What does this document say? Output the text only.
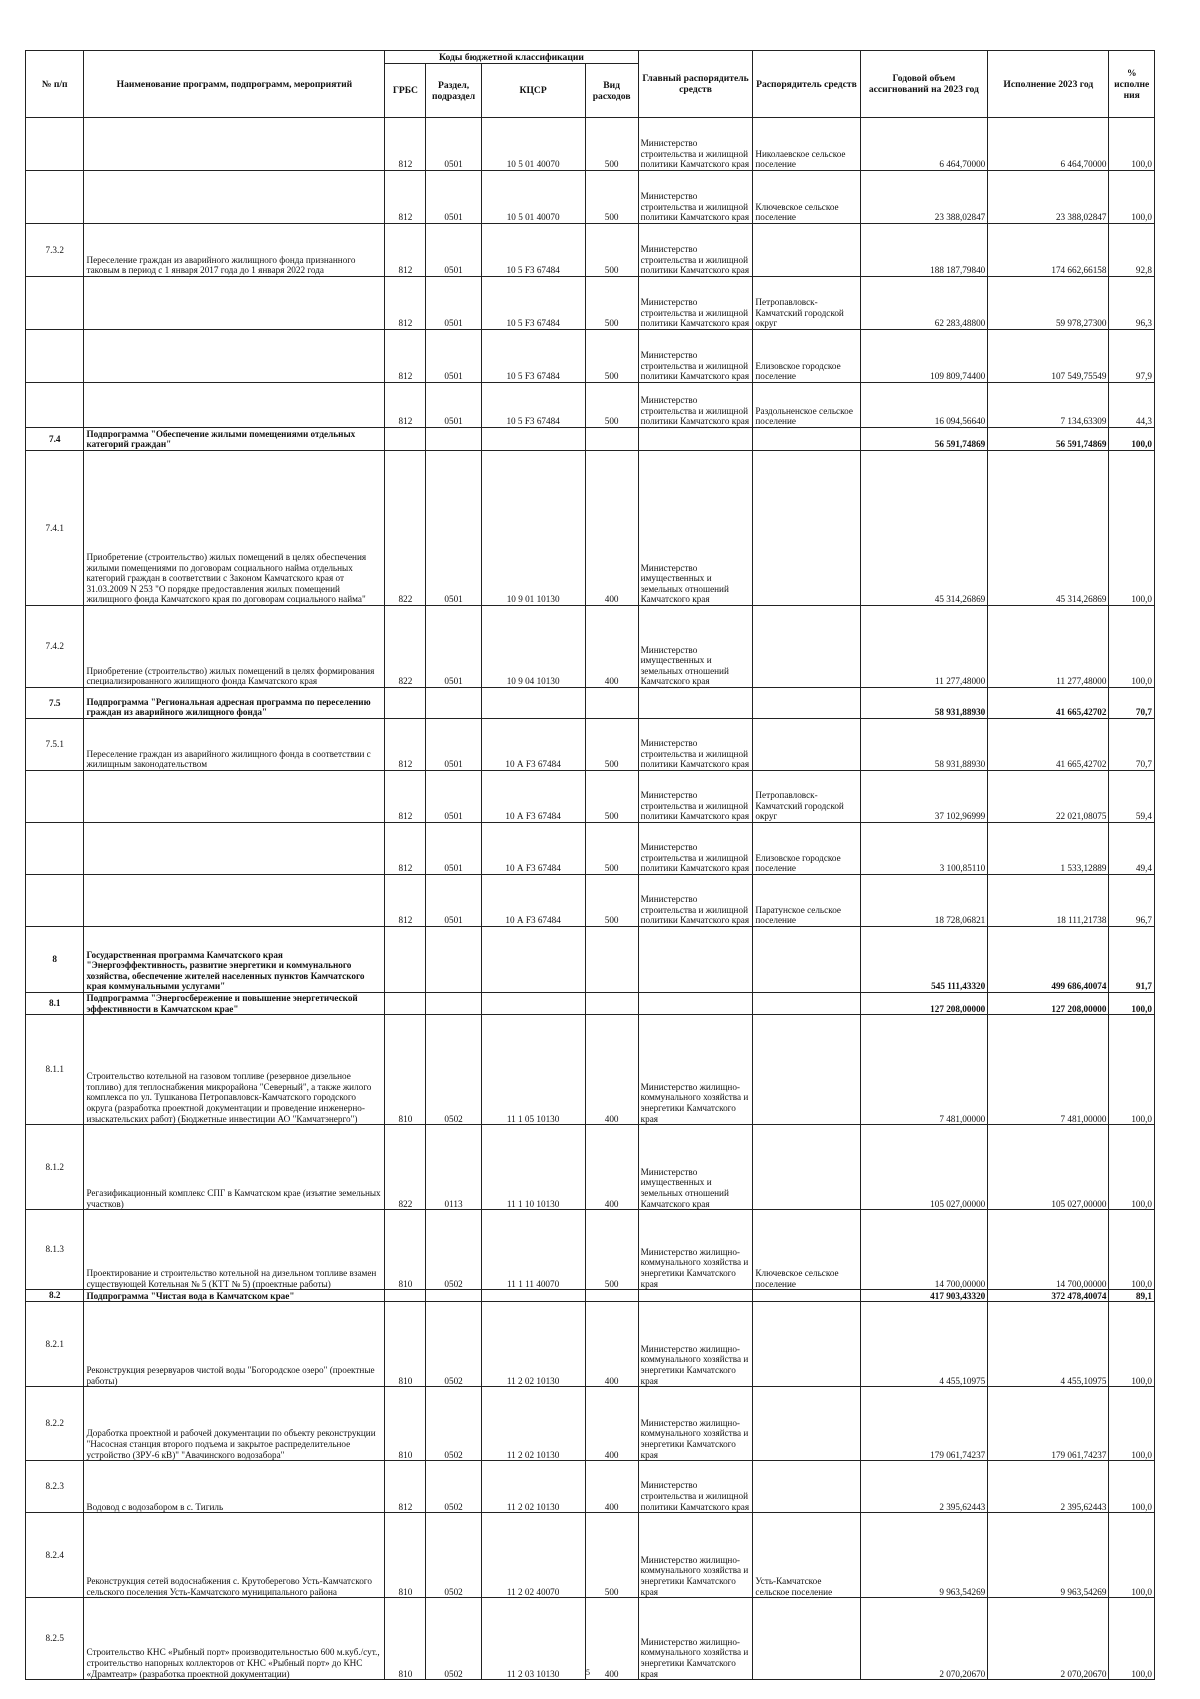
№ п/п	Наименование программ, подпрограмм, мероприятий	Коды бюджетной классификации				Главный распорядитель средств	Распорядитель средств	Годовой объем ассигнований на 2023 год	Исполнение 2023 год	% исполне ния
		ГРБС	Раздел, подраздел	КЦСР	Вид расходов					
		812	0501	10 5 01 40070	500	Министерство строительства и жилищной политики Камчатского края	Николаевское сельское поселение	6 464,70000	6 464,70000	100,0
		812	0501	10 5 01 40070	500	Министерство строительства и жилищной политики Камчатского края	Ключевское сельское поселение	23 388,02847	23 388,02847	100,0
7.3.2	Переселение граждан из аварийного жилищного фонда признанного таковым в период с 1 января 2017 года до 1 января 2022 года	812	0501	10 5 F3 67484	500	Министерство строительства и жилищной политики Камчатского края		188 187,79840	174 662,66158	92,8
		812	0501	10 5 F3 67484	500	Министерство строительства и жилищной политики Камчатского края	Петропавловск-Камчатский городской округ	62 283,48800	59 978,27300	96,3
		812	0501	10 5 F3 67484	500	Министерство строительства и жилищной политики Камчатского края	Елизовское городское поселение	109 809,74400	107 549,75549	97,9
		812	0501	10 5 F3 67484	500	Министерство строительства и жилищной политики Камчатского края	Раздольненское сельское поселение	16 094,56640	7 134,63309	44,3
7.4	Подпрограмма "Обеспечение жилыми помещениями отдельных категорий граждан"							56 591,74869	56 591,74869	100,0
7.4.1	Приобретение (строительство) жилых помещений в целях обеспечения жилыми помещениями по договорам социального найма отдельных категорий граждан в соответствии с Законом Камчатского края от 31.03.2009 N 253 "О порядке предоставления жилых помещений жилищного фонда Камчатского края по договорам социального найма"	822	0501	10 9 01 10130	400	Министерство имущественных и земельных отношений Камчатского края		45 314,26869	45 314,26869	100,0
7.4.2	Приобретение (строительство) жилых помещений в целях формирования специализированного жилищного фонда Камчатского края	822	0501	10 9 04 10130	400	Министерство имущественных и земельных отношений Камчатского края		11 277,48000	11 277,48000	100,0
7.5	Подпрограмма "Региональная адресная программа по переселению граждан из аварийного жилищного фонда"							58 931,88930	41 665,42702	70,7
7.5.1	Переселение граждан из аварийного жилищного фонда в соответствии с жилищным законодательством	812	0501	10 А F3 67484	500	Министерство строительства и жилищной политики Камчатского края		58 931,88930	41 665,42702	70,7
		812	0501	10 А F3 67484	500	Министерство строительства и жилищной политики Камчатского края	Петропавловск-Камчатский городской округ	37 102,96999	22 021,08075	59,4
		812	0501	10 А F3 67484	500	Министерство строительства и жилищной политики Камчатского края	Елизовское городское поселение	3 100,85110	1 533,12889	49,4
		812	0501	10 А F3 67484	500	Министерство строительства и жилищной политики Камчатского края	Паратунское сельское поселение	18 728,06821	18 111,21738	96,7
8	Государственная программа Камчатского края "Энергоэффективность, развитие энергетики и коммунального хозяйства, обеспечение жителей населенных пунктов Камчатского края коммунальными услугами"							545 111,43320	499 686,40074	91,7
8.1	Подпрограмма "Энергосбережение и повышение энергетической эффективности в Камчатском крае"							127 208,00000	127 208,00000	100,0
8.1.1	Строительство котельной на газовом топливе (резервное дизельное топливо) для теплоснабжения микрорайона "Северный", а также жилого комплекса по ул. Тушканова Петропавловск-Камчатского городского округа (разработка проектной документации и проведение инженерно-изыскательских работ) (Бюджетные инвестиции АО "Камчатэнерго")	810	0502	11 1 05 10130	400	Министерство жилищно-коммунального хозяйства и энергетики Камчатского края		7 481,00000	7 481,00000	100,0
8.1.2	Регазификационный комплекс СПГ в Камчатском крае (изъятие земельных участков)	822	0113	11 1 10 10130	400	Министерство имущественных и земельных отношений Камчатского края		105 027,00000	105 027,00000	100,0
8.1.3	Проектирование и строительство котельной на дизельном топливе взамен существующей Котельная № 5 (КТТ № 5) (проектные работы)	810	0502	11 1 11 40070	500	Министерство жилищно-коммунального хозяйства и энергетики Камчатского края	Ключевское сельское поселение	14 700,00000	14 700,00000	100,0
8.2	Подпрограмма "Чистая вода в Камчатском крае"							417 903,43320	372 478,40074	89,1
8.2.1	Реконструкция резервуаров чистой воды "Богородское озеро" (проектные работы)	810	0502	11 2 02 10130	400	Министерство жилищно-коммунального хозяйства и энергетики Камчатского края		4 455,10975	4 455,10975	100,0
8.2.2	Доработка проектной и рабочей документации по объекту реконструкции "Насосная станция второго подъема и закрытое распределительное устройство (ЗРУ-6 кВ)" "Авачинского водозабора"	810	0502	11 2 02 10130	400	Министерство жилищно-коммунального хозяйства и энергетики Камчатского края		179 061,74237	179 061,74237	100,0
8.2.3	Водовод с водозабором в с. Тигиль	812	0502	11 2 02 10130	400	Министерство строительства и жилищной политики Камчатского края		2 395,62443	2 395,62443	100,0
8.2.4	Реконструкция сетей водоснабжения с. Крутоберегово Усть-Камчатского сельского поселения Усть-Камчатского муниципального района	810	0502	11 2 02 40070	500	Министерство жилищно-коммунального хозяйства и энергетики Камчатского края	Усть-Камчатское сельское поселение	9 963,54269	9 963,54269	100,0
8.2.5	Строительство КНС «Рыбный порт» производительностью 600 м.куб./сут., строительство напорных коллекторов от КНС «Рыбный порт» до КНС «Драмтеатр» (разработка проектной документации)	810	0502	11 2 03 10130	400	Министерство жилищно-коммунального хозяйства и энергетики Камчатского края		2 070,20670	2 070,20670	100,0
5
